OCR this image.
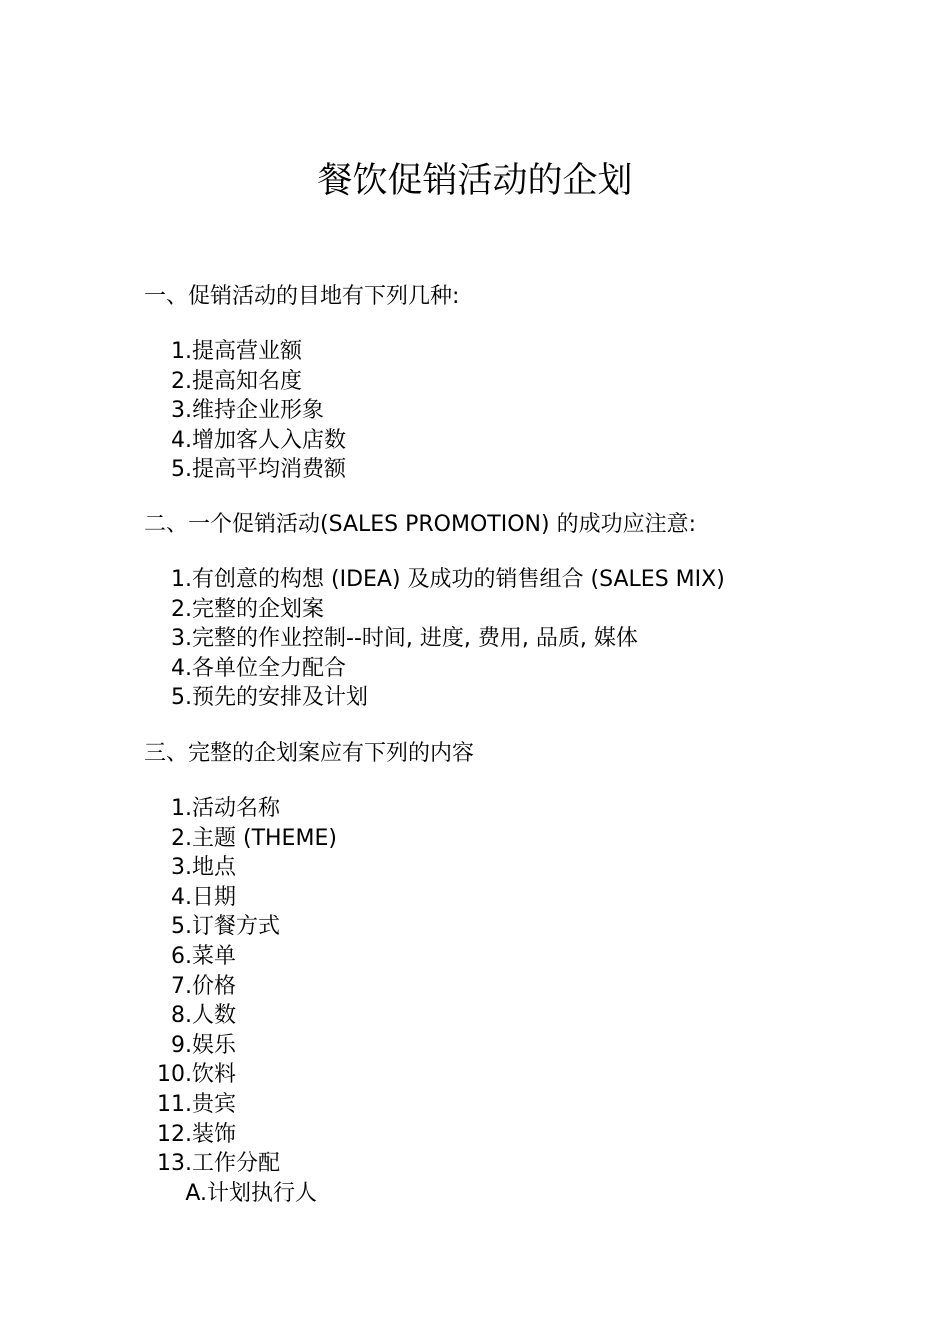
餐饮促销活动的企划

一、促销活动的目地有下列几种:

1. 提高营业额
2. 提高知名度
3. 维持企业形象
4. 增加客人入店数
5. 提高平均消费额

二、一个促销活动(SALES PROMOTION) 的成功应注意:

1. 有创意的构想 (IDEA) 及成功的销售组合 (SALES MIX)
2. 完整的企划案
3. 完整的作业控制--时间, 进度, 费用, 品质, 媒体
4. 各单位全力配合
5. 预先的安排及计划

三、完整的企划案应有下列的内容

1. 活动名称
2. 主题 (THEME)
3. 地点
4. 日期
5. 订餐方式
6. 菜单
7. 价格
8. 人数
9. 娱乐
10. 饮料
11. 贵宾
12. 装饰
13. 工作分配
A. 计划执行人
